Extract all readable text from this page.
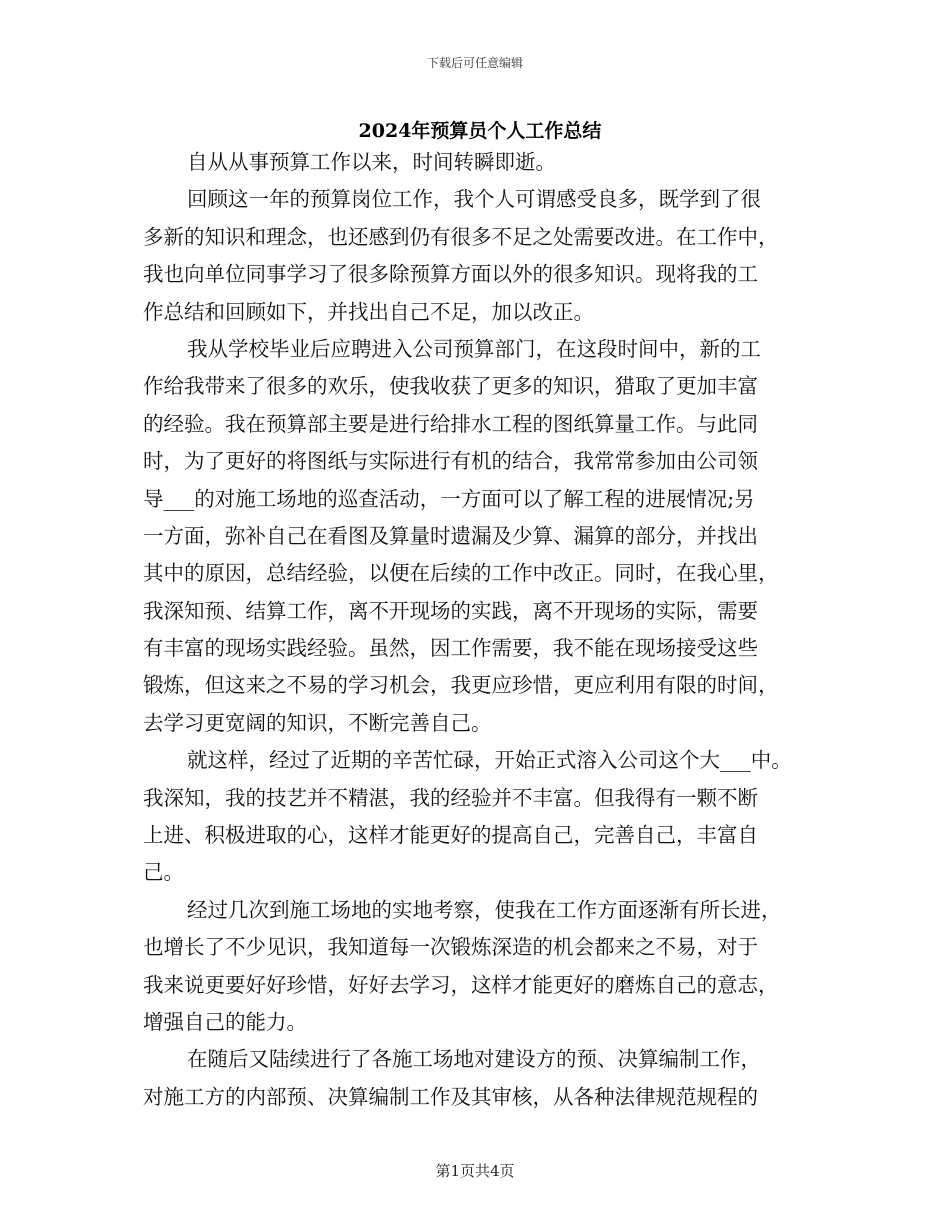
下载后可任意编辑
2024年预算员个人工作总结
自从从事预算工作以来，时间转瞬即逝。
回顾这一年的预算岗位工作，我个人可谓感受良多，既学到了很
多新的知识和理念，也还感到仍有很多不足之处需要改进。在工作中，
我也向单位同事学习了很多除预算方面以外的很多知识。现将我的工
作总结和回顾如下，并找出自己不足，加以改正。
我从学校毕业后应聘进入公司预算部门，在这段时间中，新的工
作给我带来了很多的欢乐，使我收获了更多的知识，猎取了更加丰富
的经验。我在预算部主要是进行给排水工程的图纸算量工作。与此同
时，为了更好的将图纸与实际进行有机的结合，我常常参加由公司领
导___的对施工场地的巡查活动，一方面可以了解工程的进展情况;另
一方面，弥补自己在看图及算量时遗漏及少算、漏算的部分，并找出
其中的原因，总结经验，以便在后续的工作中改正。同时，在我心里，
我深知预、结算工作，离不开现场的实践，离不开现场的实际，需要
有丰富的现场实践经验。虽然，因工作需要，我不能在现场接受这些
锻炼，但这来之不易的学习机会，我更应珍惜，更应利用有限的时间，
去学习更宽阔的知识，不断完善自己。
就这样，经过了近期的辛苦忙碌，开始正式溶入公司这个大___中。
我深知，我的技艺并不精湛，我的经验并不丰富。但我得有一颗不断
上进、积极进取的心，这样才能更好的提高自己，完善自己，丰富自
己。
经过几次到施工场地的实地考察，使我在工作方面逐渐有所长进，
也增长了不少见识，我知道每一次锻炼深造的机会都来之不易，对于
我来说更要好好珍惜，好好去学习，这样才能更好的磨炼自己的意志，
增强自己的能力。
在随后又陆续进行了各施工场地对建设方的预、决算编制工作，
对施工方的内部预、决算编制工作及其审核，从各种法律规范规程的
第1页共4页
